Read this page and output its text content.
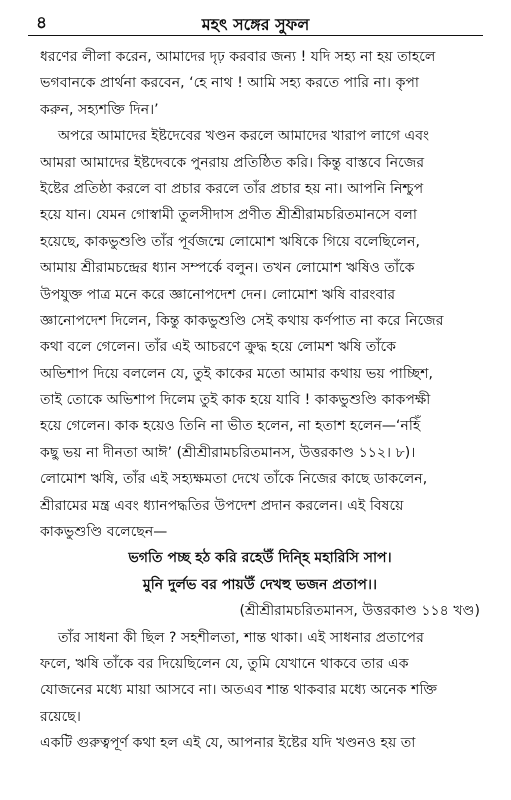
৪	মহৎ সঙ্গের সুফল
ধরণের লীলা করেন, আমাদের দৃঢ় করবার জন্য ! যদি সহ্য না হয় তাহলে
ভগবানকে প্রার্থনা করবেন, ‘হে নাথ ! আমি সহ্য করতে পারি না। কৃপা
করুন, সহ্যশক্তি দিন।’
অপরে আমাদের ইষ্টদেবের খণ্ডন করলে আমাদের খারাপ লাগে এবং
আমরা আমাদের ইষ্টদেবকে পুনরায় প্রতিষ্ঠিত করি। কিন্তু বাস্তবে নিজের
ইষ্টের প্রতিষ্ঠা করলে বা প্রচার করলে তাঁর প্রচার হয় না। আপনি নিশ্চুপ
হয়ে যান। যেমন গোস্বামী তুলসীদাস প্রণীত শ্রীশ্রীরামচরিতমানসে বলা
হয়েছে, কাকভুশুণ্ডি তাঁর পূর্বজন্মে লোমোশ ঋষিকে গিয়ে বলেছিলেন,
আমায় শ্রীরামচন্দ্রের ধ্যান সম্পর্কে বলুন। তখন লোমোশ ঋষিও তাঁকে
উপযুক্ত পাত্র মনে করে জ্ঞানোপদেশ দেন। লোমোশ ঋষি বারংবার
জ্ঞানোপদেশ দিলেন, কিন্তু কাকভুশুণ্ডি সেই কথায় কর্ণপাত না করে নিজের
কথা বলে গেলেন। তাঁর এই আচরণে ক্রুদ্ধ হয়ে লোমশ ঋষি তাঁকে
অভিশাপ দিয়ে বললেন যে, তুই কাকের মতো আমার কথায় ভয় পাচ্ছিশ,
তাই তোকে অভিশাপ দিলেম তুই কাক হয়ে যাবি ! কাকভুশুণ্ডি কাকপক্ষী
হয়ে গেলেন। কাক হয়েও তিনি না ভীত হলেন, না হতাশ হলেন—‘নহিঁ
কছু ভয় না দীনতা আঈ’ (শ্রীশ্রীরামচরিতমানস, উত্তরকাণ্ড ১১২। ৮)।
লোমোশ ঋষি, তাঁর এই সহ্যক্ষমতা দেখে তাঁকে নিজের কাছে ডাকলেন,
শ্রীরামের মন্ত্র এবং ধ্যানপদ্ধতির উপদেশ প্রদান করলেন। এই বিষয়ে
কাকভুশুণ্ডি বলেছেন—
ভগতি পচ্ছ হঠ করি রহেউঁ দিন্হি মহারিসি সাপ।
মুনি দুর্লভ বর পায়উঁ দেখহু ভজন প্রতাপ।।
(শ্রীশ্রীরামচরিতমানস, উত্তরকাণ্ড ১১৪ খণ্ড)
তাঁর সাধনা কী ছিল ? সহশীলতা, শান্ত থাকা। এই সাধনার প্রতাপের
ফলে, ঋষি তাঁকে বর দিয়েছিলেন যে, তুমি যেখানে থাকবে তার এক
যোজনের মধ্যে মায়া আসবে না। অতএব শান্ত থাকবার মধ্যে অনেক শক্তি
রয়েছে।
একটি গুরুত্বপূর্ণ কথা হল এই যে, আপনার ইষ্টের যদি খণ্ডনও হয় তা
